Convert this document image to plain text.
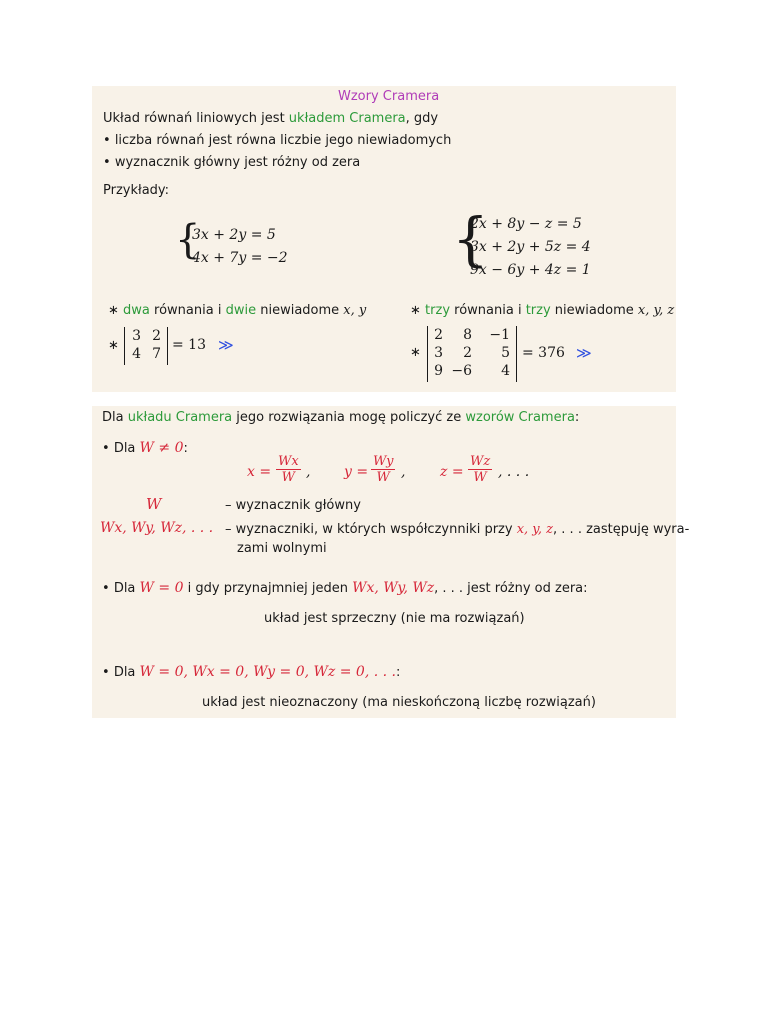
Wzory Cramera
Układ równań liniowych jest układem Cramera, gdy
• liczba równań jest równa liczbie jego niewiadomych
• wyznacznik główny jest różny od zera
Przykłady:
{
3x + 2y = 5
4x + 7y = −2	{
2x + 8y − z = 5
3x + 2y + 5z = 4
9x − 6y + 4z = 1
∗ dwa równania i dwie niewiadome x, y	∗ trzy równania i trzy niewiadome x, y, z
∗
3 2
4 7
= 13 ≫	∗
2	8	−1
3	2	5
9 −6	4
= 376 ≫
Dla układu Cramera jego rozwiązania mogę policzyć ze wzorów Cramera:
• Dla W ≠ 0:
$x = \frac{Wx}{W}$ , $y = \frac{Wy}{W}$ , $z = \frac{Wz}{W}$ , . . .
W	– wyznacznik główny
Wx, Wy, Wz, . . . – wyznaczniki, w których współczynniki przy x, y, z, . . . zastępuję wyra-
zami wolnymi
• Dla W = 0 i gdy przynajmniej jeden Wx, Wy, Wz, . . . jest różny od zera:
układ jest sprzeczny (nie ma rozwiązań)
• Dla W = 0, Wx = 0, Wy = 0, Wz = 0, . . .:
układ jest nieoznaczony (ma nieskończoną liczbę rozwiązań)
